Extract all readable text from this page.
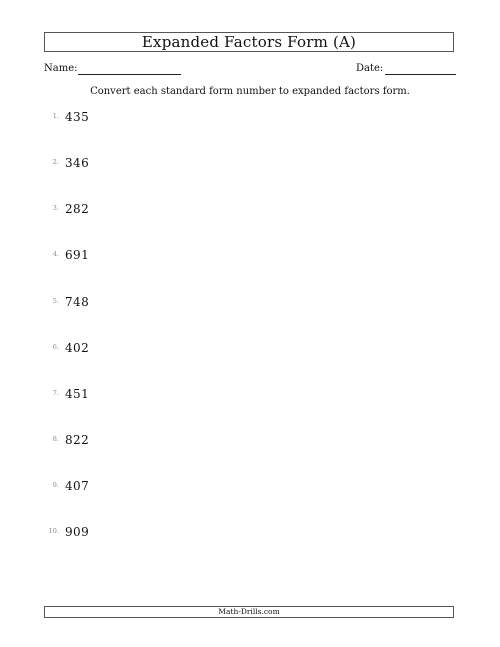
Expanded Factors Form (A)
Name:	Date:
Convert each standard form number to expanded factors form.
1. 435
2. 346
3. 282
4. 691
5. 748
6. 402
7. 451
8. 822
9. 407
10. 909
Math-Drills.com
